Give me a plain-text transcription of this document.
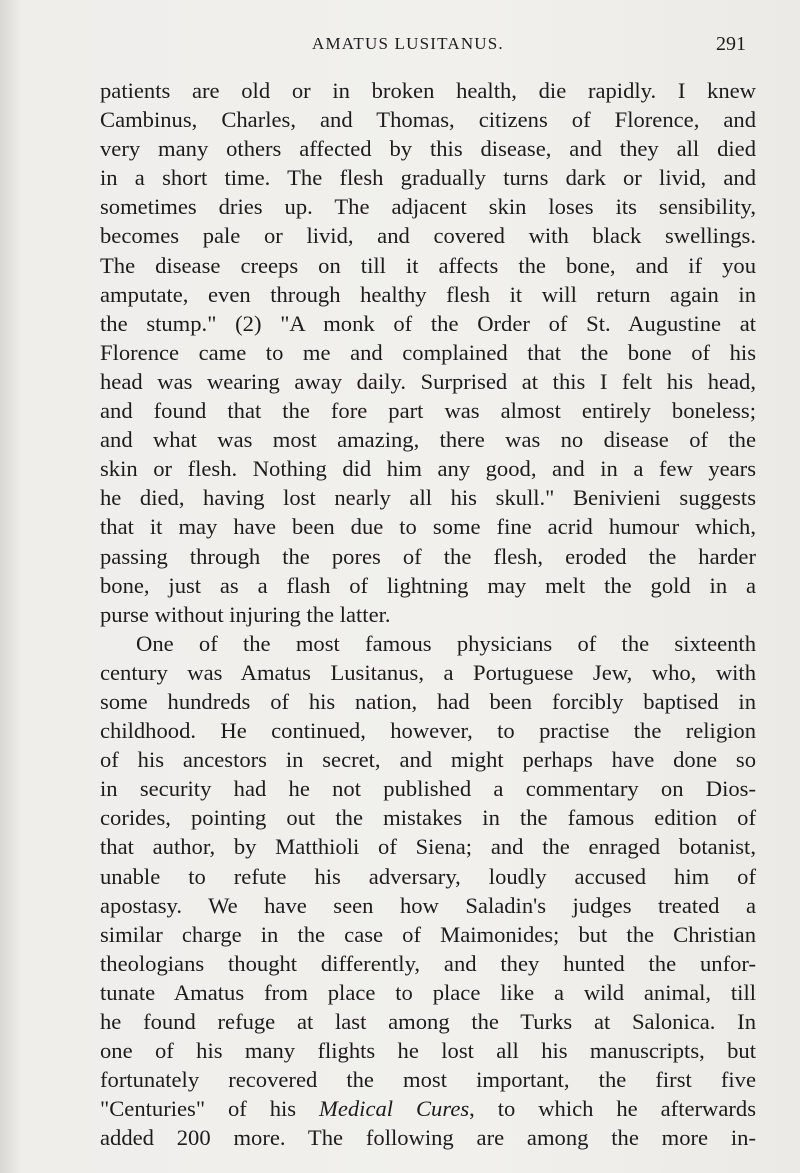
AMATUS LUSITANUS.	291
patients are old or in broken health, die rapidly. I knew
Cambinus, Charles, and Thomas, citizens of Florence, and
very many others affected by this disease, and they all died
in a short time. The flesh gradually turns dark or livid, and
sometimes dries up. The adjacent skin loses its sensibility,
becomes pale or livid, and covered with black swellings.
The disease creeps on till it affects the bone, and if you
amputate, even through healthy flesh it will return again in
the stump." (2) "A monk of the Order of St. Augustine at
Florence came to me and complained that the bone of his
head was wearing away daily. Surprised at this I felt his head,
and found that the fore part was almost entirely boneless;
and what was most amazing, there was no disease of the
skin or flesh. Nothing did him any good, and in a few years
he died, having lost nearly all his skull." Benivieni suggests
that it may have been due to some fine acrid humour which,
passing through the pores of the flesh, eroded the harder
bone, just as a flash of lightning may melt the gold in a
purse without injuring the latter.
One of the most famous physicians of the sixteenth
century was Amatus Lusitanus, a Portuguese Jew, who, with
some hundreds of his nation, had been forcibly baptised in
childhood. He continued, however, to practise the religion
of his ancestors in secret, and might perhaps have done so
in security had he not published a commentary on Dios-
corides, pointing out the mistakes in the famous edition of
that author, by Matthioli of Siena; and the enraged botanist,
unable to refute his adversary, loudly accused him of
apostasy. We have seen how Saladin's judges treated a
similar charge in the case of Maimonides; but the Christian
theologians thought differently, and they hunted the unfor-
tunate Amatus from place to place like a wild animal, till
he found refuge at last among the Turks at Salonica. In
one of his many flights he lost all his manuscripts, but
fortunately recovered the most important, the first five
"Centuries" of his Medical Cures, to which he afterwards
added 200 more. The following are among the more in-
